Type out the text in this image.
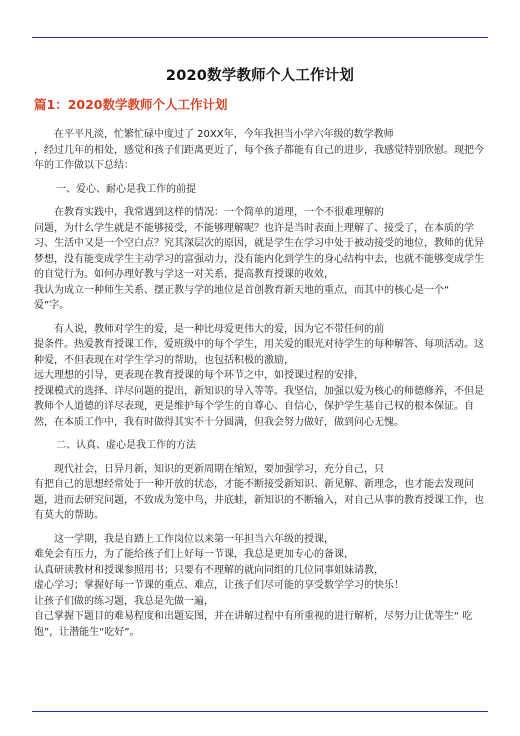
2020数学教师个人工作计划
篇1：2020数学教师个人工作计划
　　在平平凡淡，忙繁忙碌中度过了 20XX年，今年我担当小学六年级的数学教师
，经过几年的相处，感觉和孩子们距离更近了，每个孩子都能有自己的进步，我感觉特别欣慰。现把今年的工作做以下总结：
　一、爱心、耐心是我工作的前提
　　在教育实践中，我常遇到这样的情况：一个简单的道理，一个不很难理解的
问题，为什么学生就是不能够接受，不能够理解呢？也许是当时表面上理解了、接受了，在本质的学习、生活中又是一个空白点？究其深层次的原因，就是学生在学习中处于被动接受的地位，教师的优异梦想，没有能变成学生主动学习的富强动力，没有能内化到学生的身心结构中去，也就不能够变成学生的自觉行为。如何办理好教与学这一对关系，提高教育授课的收效，
我认为成立一种师生关系、摆正教与学的地位是首创教育新天地的重点，而其中的核心是一个“ 爱”字。
　　有人说，教师对学生的爱，是一种比母爱更伟大的爱，因为它不带任何的前
提条件。热爱教育授课工作，爱班级中的每个学生，用关爱的眼光对待学生的每种解答、每项活动。这种爱，不但表现在对学生学习的帮助，也包括积极的激励，
远大理想的引导，更表现在教育授课的每个环节之中，如授课过程的安排，
授课模式的选择、详尽问题的提出，新知识的导入等等。我坚信，加强以爱为核心的师德修养，不但是教师个人道德的详尽表现，更是维护每个学生的自尊心、自信心，保护学生基自己权的根本保证。自然，在本质工作中，我有时做得其实不十分圆满，但我会努力做好，做到问心无愧。
　二、认真、虚心是我工作的方法
　　现代社会，日异月新，知识的更新周期在缩短，要加强学习，充分自己，只
有把自己的思想经常处于一种开放的状态，才能不断接受新知识、新见解、新理念，也才能去发现问题，进而去研究问题，不致成为笼中鸟，井底蛙，新知识的不断输入，对自己从事的教育授课工作，也有莫大的帮助。
　　这一学期，我是自踏上工作岗位以来第一年担当六年级的授课，
难免会有压力，为了能给孩子们上好每一节课，我总是更加专心的备课，
认真研读教材和授课参照用书；只要有不理解的就向同组的几位同事姐妹请教，
虚心学习；掌握好每一节课的重点、难点，让孩子们尽可能的享受数学学习的快乐！
让孩子们做的练习题，我总是先做一遍，
自己掌握下题目的难易程度和出题妄图，并在讲解过程中有所重视的进行解析，尽努力让优等生“ 吃饱”，让潜能生“吃好”。
